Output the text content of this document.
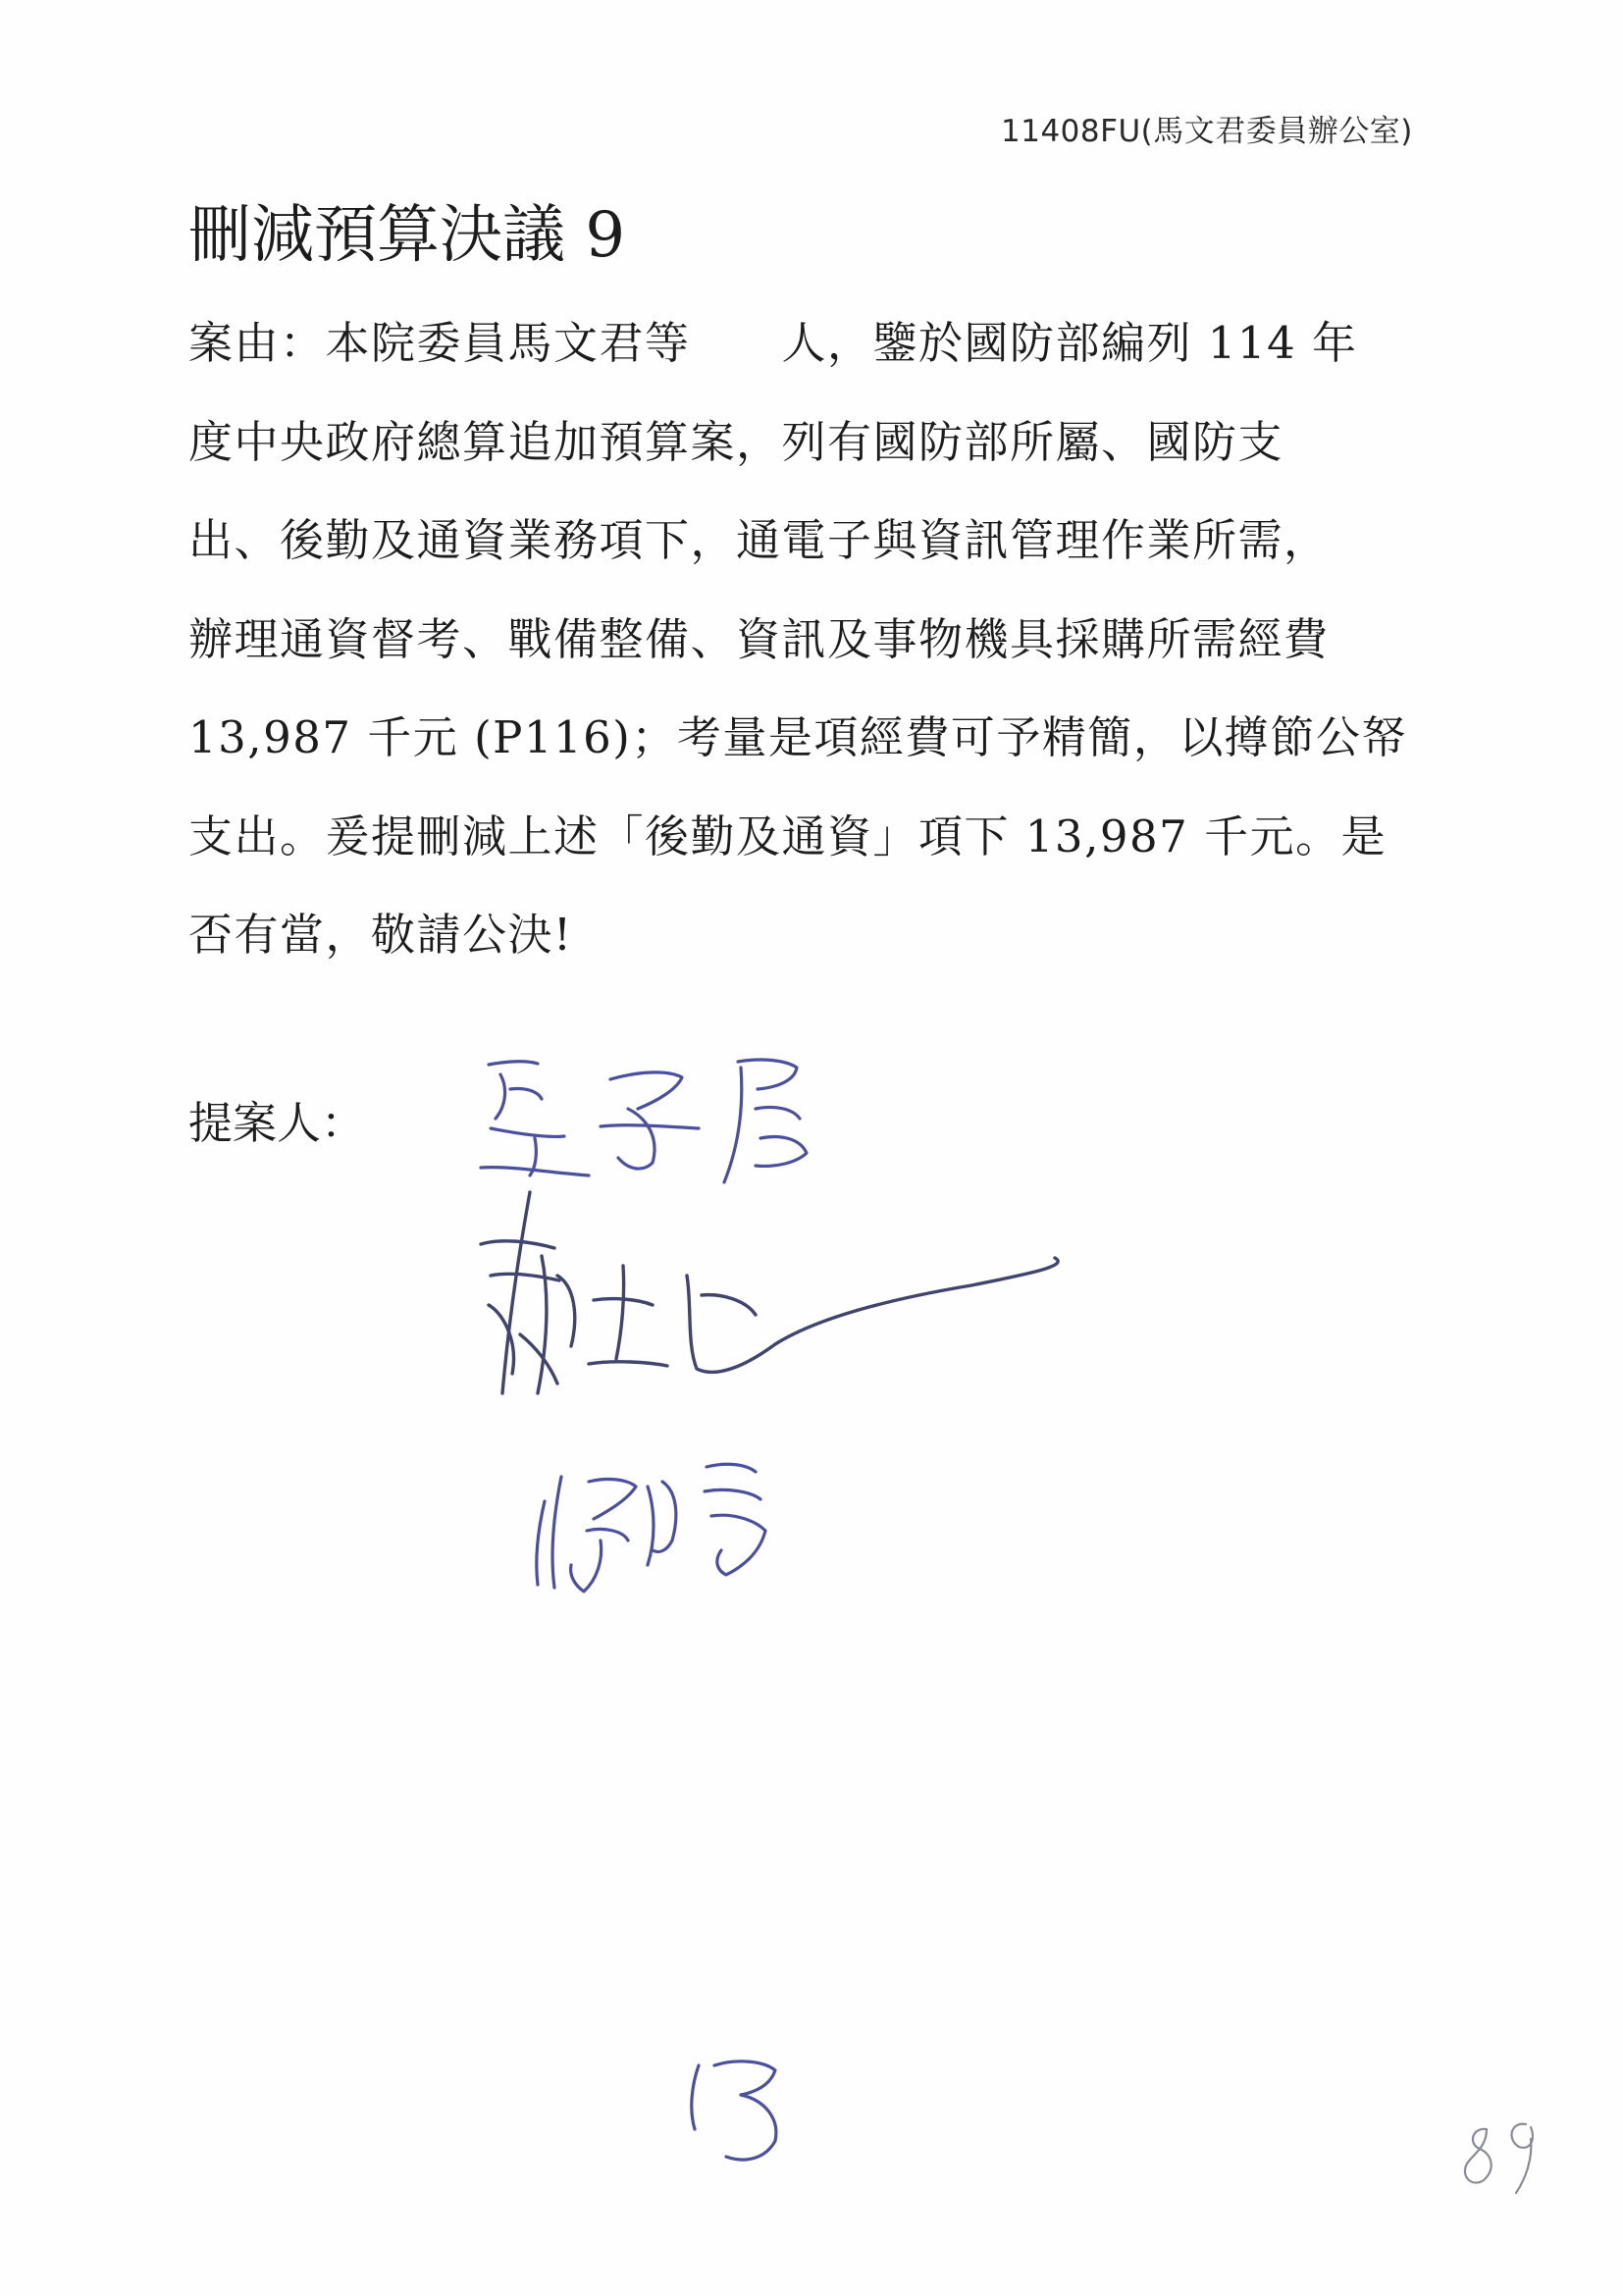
11408FU(馬文君委員辦公室)
刪減預算決議 9
案由：本院委員馬文君等　　人，鑒於國防部編列 114 年
度中央政府總算追加預算案，列有國防部所屬、國防支
出、後勤及通資業務項下，通電子與資訊管理作業所需，
辦理通資督考、戰備整備、資訊及事物機具採購所需經費
13,987 千元 (P116)；考量是項經費可予精簡，以撙節公帑
支出。爰提刪減上述「後勤及通資」項下 13,987 千元。是
否有當，敬請公決!
提案人：
